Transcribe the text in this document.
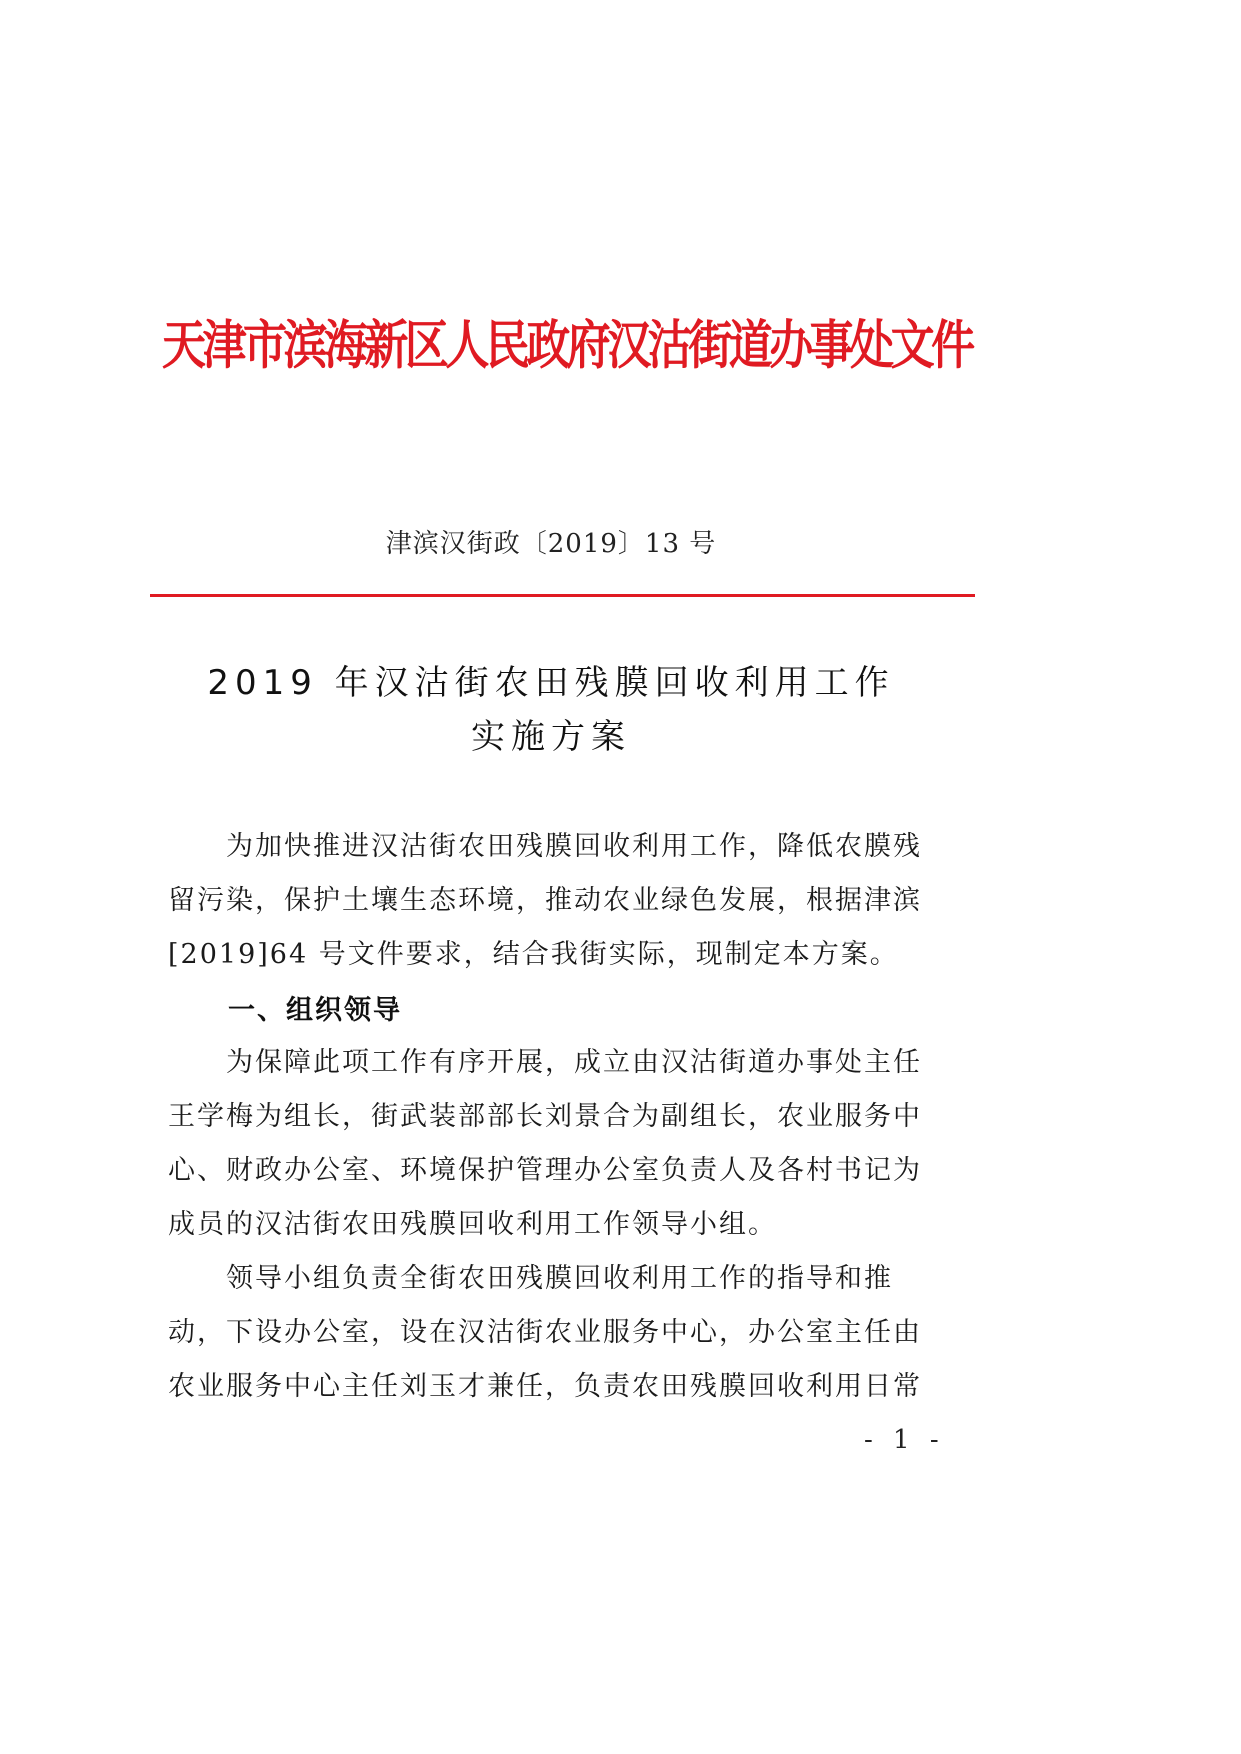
天津市滨海新区人民政府汉沽街道办事处文件
津滨汉街政〔2019〕13 号
2019 年汉沽街农田残膜回收利用工作
实施方案
　　为加快推进汉沽街农田残膜回收利用工作，降低农膜残
留污染，保护土壤生态环境，推动农业绿色发展，根据津滨
[2019]64 号文件要求，结合我街实际，现制定本方案。
一、组织领导
　　为保障此项工作有序开展，成立由汉沽街道办事处主任
王学梅为组长，街武装部部长刘景合为副组长，农业服务中
心、财政办公室、环境保护管理办公室负责人及各村书记为
成员的汉沽街农田残膜回收利用工作领导小组。
　　领导小组负责全街农田残膜回收利用工作的指导和推
动，下设办公室，设在汉沽街农业服务中心，办公室主任由
农业服务中心主任刘玉才兼任，负责农田残膜回收利用日常
- 1 -
